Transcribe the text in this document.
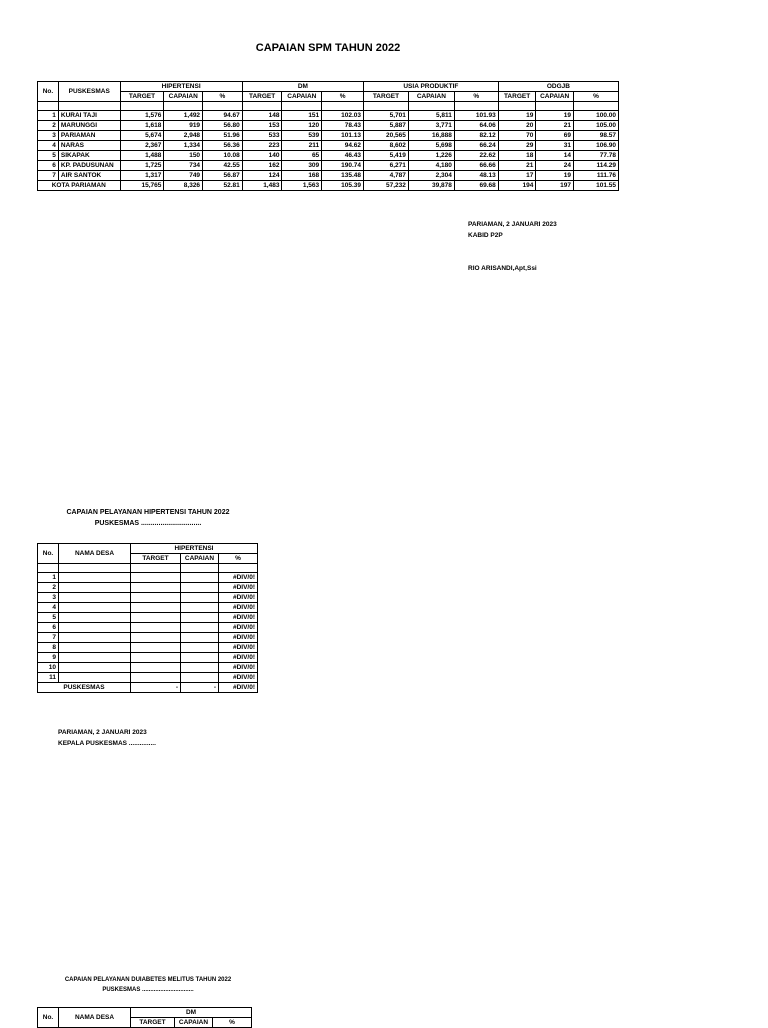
CAPAIAN SPM TAHUN 2022
No.	PUSKESMAS	HIPERTENSI			DM			USIA PRODUKTIF			ODGJB		
		TARGET	CAPAIAN	%	TARGET	CAPAIAN	%	TARGET	CAPAIAN	%	TARGET	CAPAIAN	%

1	KURAI TAJI	1,576	1,492	94.67	148	151	102.03	5,701	5,811	101.93	19	19	100.00
2	MARUNGGI	1,618	919	56.80	153	120	78.43	5,887	3,771	64.06	20	21	105.00
3	PARIAMAN	5,674	2,948	51.96	533	539	101.13	20,565	16,888	82.12	70	69	98.57
4	NARAS	2,367	1,334	56.36	223	211	94.62	8,602	5,698	66.24	29	31	106.90
5	SIKAPAK	1,488	150	10.08	140	65	46.43	5,419	1,226	22.62	18	14	77.78
6	KP. PADUSUNAN	1,725	734	42.55	162	309	190.74	6,271	4,180	66.66	21	24	114.29
7	AIR SANTOK	1,317	749	56.87	124	168	135.48	4,787	2,304	48.13	17	19	111.76
KOTA PARIAMAN		15,765	8,326	52.81	1,483	1,563	105.39	57,232	39,878	69.68	194	197	101.55
PARIAMAN, 2 JANUARI 2023
KABID P2P
RIO ARISANDI,Apt,Ssi
CAPAIAN PELAYANAN HIPERTENSI TAHUN 2022
PUSKESMAS ...............................
No.	NAMA DESA	HIPERTENSI		
		TARGET	CAPAIAN	%

1				#DIV/0!
2				#DIV/0!
3				#DIV/0!
4				#DIV/0!
5				#DIV/0!
6				#DIV/0!
7				#DIV/0!
8				#DIV/0!
9				#DIV/0!
10				#DIV/0!
11				#DIV/0!
PUSKESMAS		-	-	#DIV/0!
PARIAMAN, 2 JANUARI 2023
KEPALA PUSKESMAS ...............
CAPAIAN PELAYANAN DUIABETES MELITUS TAHUN 2022
PUSKESMAS ...............................
No.	NAMA DESA	DM		
		TARGET	CAPAIAN	%
